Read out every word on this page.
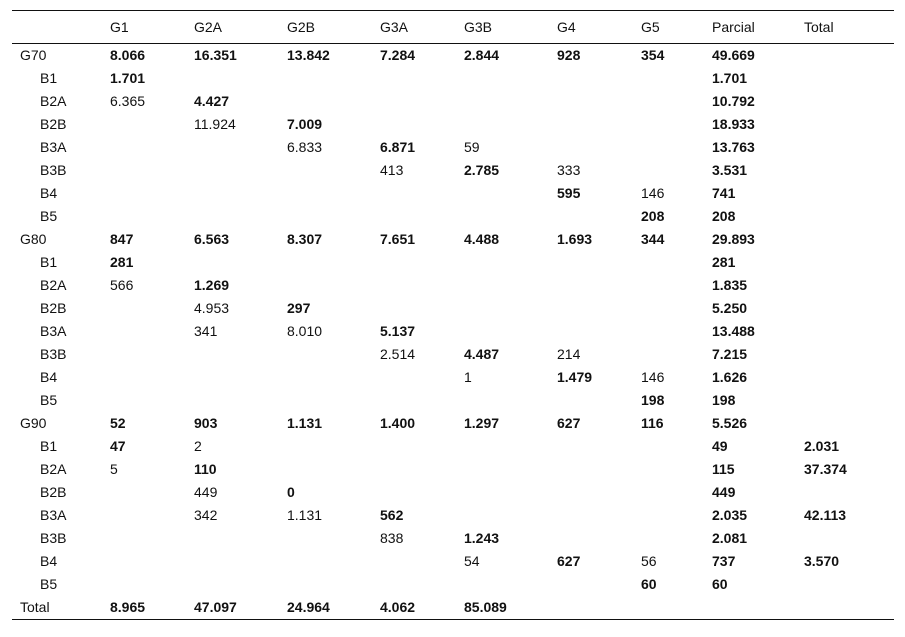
	G1	G2A	G2B	G3A	G3B	G4	G5	Parcial	Total
G70	8.066	16.351	13.842	7.284	2.844	928	354	49.669	
B1	1.701							1.701	
B2A	6.365	4.427						10.792	
B2B		11.924	7.009					18.933	
B3A			6.833	6.871	59			13.763	
B3B				413	2.785	333		3.531	
B4						595	146	741	
B5							208	208	
G80	847	6.563	8.307	7.651	4.488	1.693	344	29.893	
B1	281							281	
B2A	566	1.269						1.835	
B2B		4.953	297					5.250	
B3A		341	8.010	5.137				13.488	
B3B				2.514	4.487	214		7.215	
B4					1	1.479	146	1.626	
B5							198	198	
G90	52	903	1.131	1.400	1.297	627	116	5.526	
B1	47	2						49	2.031
B2A	5	110						115	37.374
B2B		449	0					449	
B3A		342	1.131	562				2.035	42.113
B3B				838	1.243			2.081	
B4					54	627	56	737	3.570
B5							60	60	
Total	8.965	47.097	24.964	4.062	85.089				
